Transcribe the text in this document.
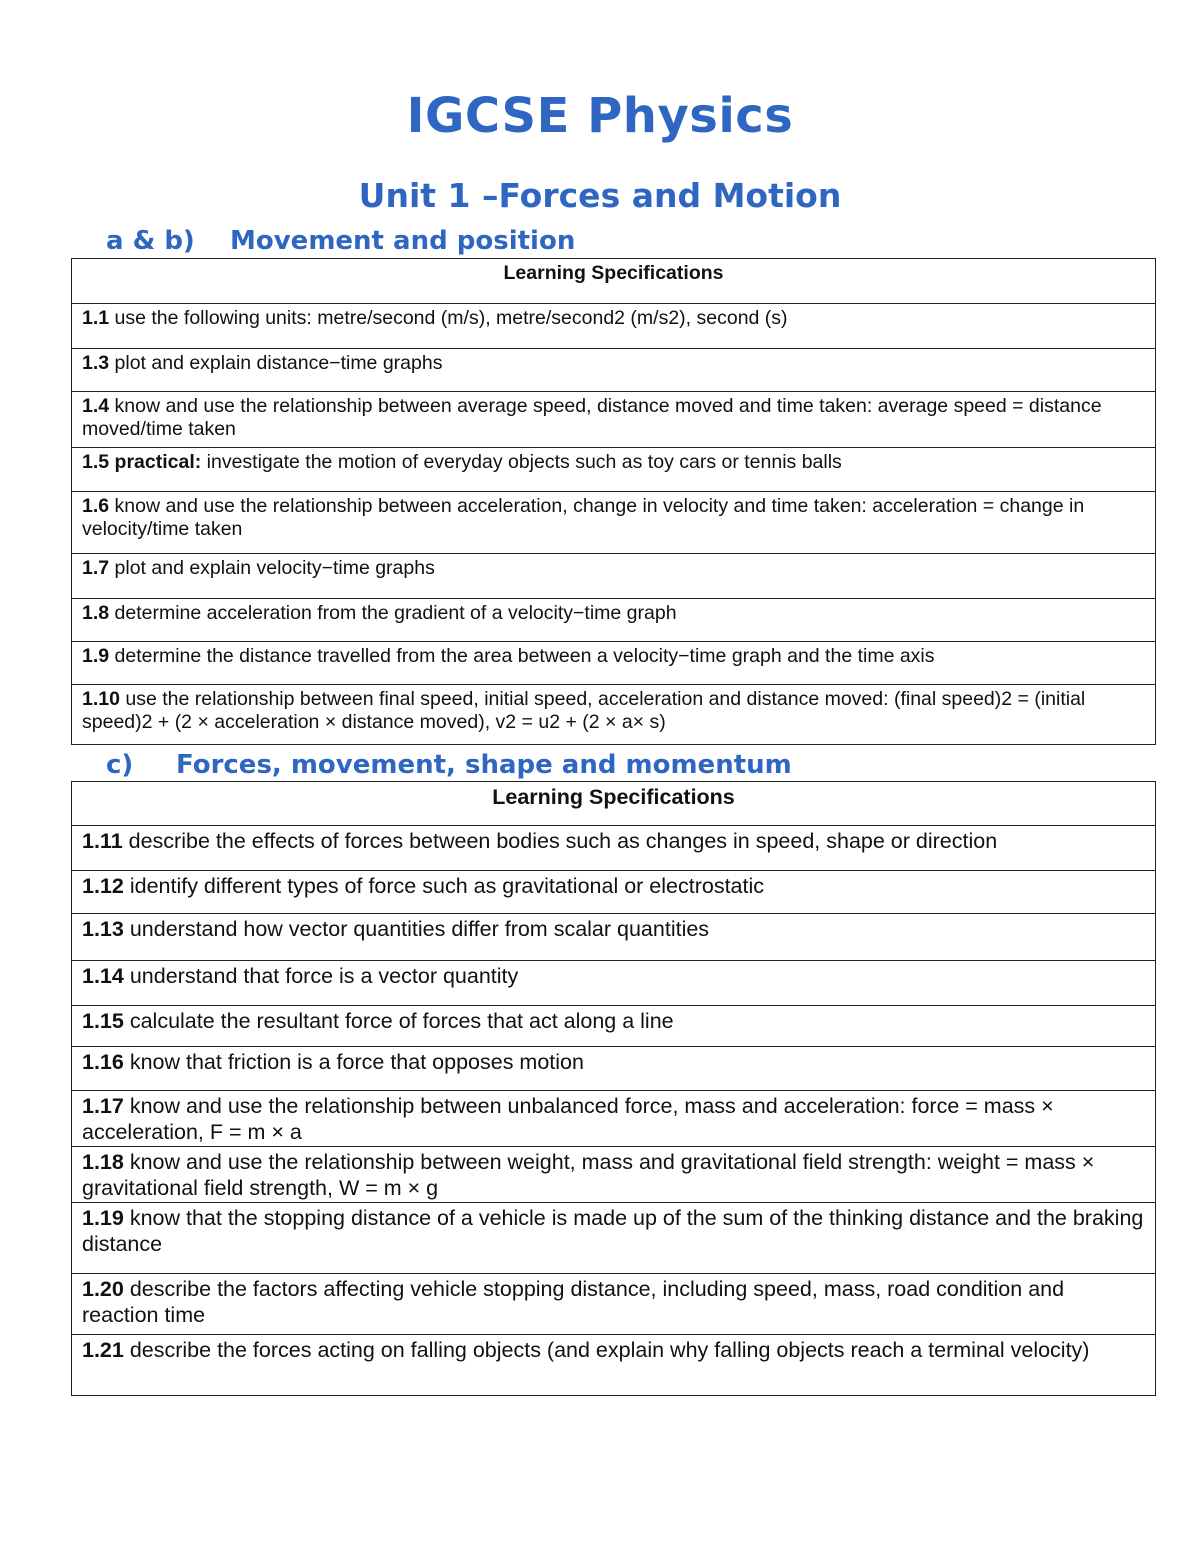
IGCSE Physics
Unit 1 –Forces and Motion
a & b) Movement and position
Learning Specifications
1.1 use the following units: metre/second (m/s), metre/second2 (m/s2), second (s)
1.3 plot and explain distance−time graphs
1.4 know and use the relationship between average speed, distance moved and time taken: average speed = distance moved/time taken
1.5 practical: investigate the motion of everyday objects such as toy cars or tennis balls
1.6 know and use the relationship between acceleration, change in velocity and time taken: acceleration = change in velocity/time taken
1.7 plot and explain velocity−time graphs
1.8 determine acceleration from the gradient of a velocity−time graph
1.9 determine the distance travelled from the area between a velocity−time graph and the time axis
1.10 use the relationship between final speed, initial speed, acceleration and distance moved: (final speed)2 = (initial speed)2 + (2 × acceleration × distance moved), v2 = u2 + (2 × a× s)
c) Forces, movement, shape and momentum
Learning Specifications
1.11 describe the effects of forces between bodies such as changes in speed, shape or direction
1.12 identify different types of force such as gravitational or electrostatic
1.13 understand how vector quantities differ from scalar quantities
1.14 understand that force is a vector quantity
1.15 calculate the resultant force of forces that act along a line
1.16 know that friction is a force that opposes motion
1.17 know and use the relationship between unbalanced force, mass and acceleration: force = mass × acceleration, F = m × a
1.18 know and use the relationship between weight, mass and gravitational field strength: weight = mass × gravitational field strength, W = m × g
1.19 know that the stopping distance of a vehicle is made up of the sum of the thinking distance and the braking distance
1.20 describe the factors affecting vehicle stopping distance, including speed, mass, road condition and reaction time
1.21 describe the forces acting on falling objects (and explain why falling objects reach a terminal velocity)
